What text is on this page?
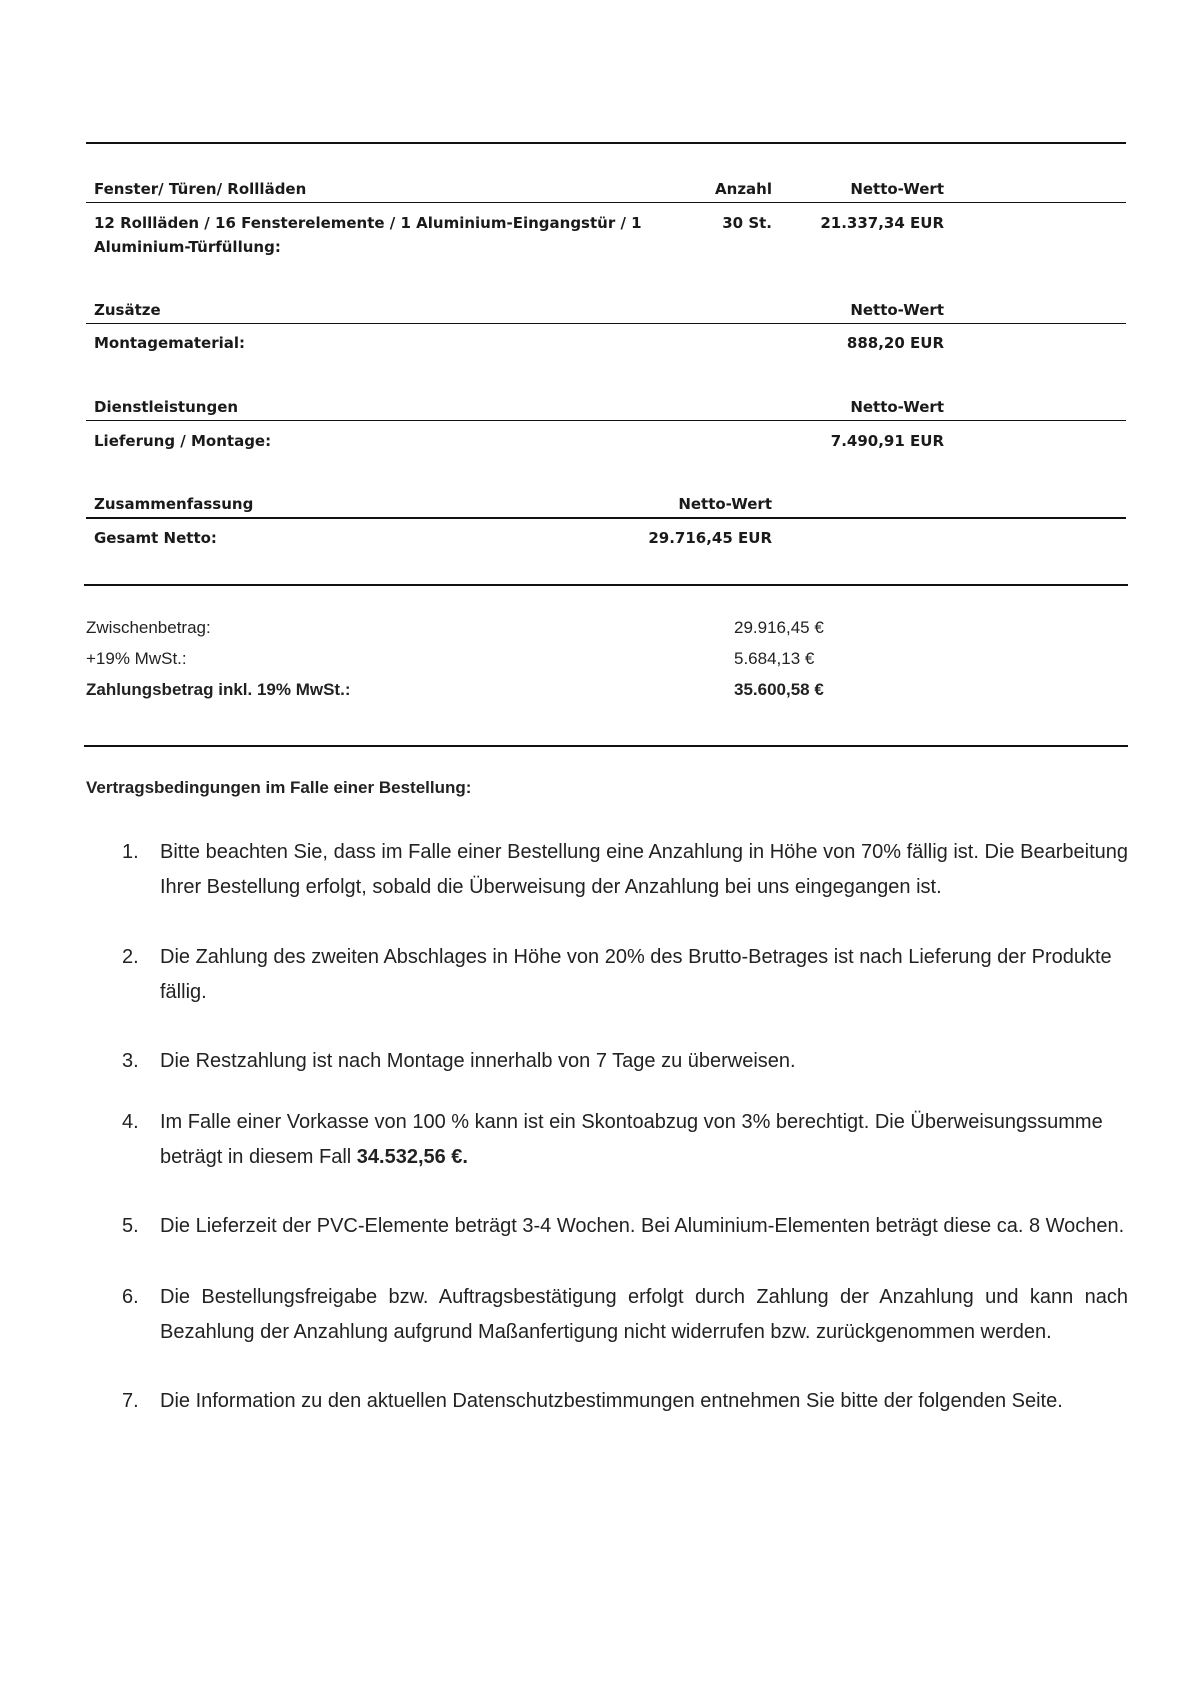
Fenster/ Türen/ Rollläden	Anzahl	Netto-Wert
12 Rollläden / 16 Fensterelemente / 1 Aluminium-Eingangstür / 1
Aluminium-Türfüllung:
30 St.	21.337,34 EUR
Zusätze	Netto-Wert
Montagematerial:	888,20 EUR
Dienstleistungen	Netto-Wert
Lieferung / Montage:	7.490,91 EUR
Zusammenfassung	Netto-Wert
Gesamt Netto:	29.716,45 EUR
Zwischenbetrag:	29.916,45 €
+19% MwSt.:	5.684,13 €
Zahlungsbetrag inkl. 19% MwSt.:	35.600,58 €
Vertragsbedingungen im Falle einer Bestellung:
1.	Bitte beachten Sie, dass im Falle einer Bestellung eine Anzahlung in Höhe von 70% fällig ist. Die Bearbeitung Ihrer Bestellung erfolgt, sobald die Überweisung der Anzahlung bei uns eingegangen ist.
2.	Die Zahlung des zweiten Abschlages in Höhe von 20% des Brutto-Betrages ist nach Lieferung der Produkte fällig.
3.	Die Restzahlung ist nach Montage innerhalb von 7 Tage zu überweisen.
4.	Im Falle einer Vorkasse von 100 % kann ist ein Skontoabzug von 3% berechtigt. Die Überweisungssumme beträgt in diesem Fall 34.532,56 €.
5.	Die Lieferzeit der PVC-Elemente beträgt 3-4 Wochen. Bei Aluminium-Elementen beträgt diese ca. 8 Wochen.
6.	Die Bestellungsfreigabe bzw. Auftragsbestätigung erfolgt durch Zahlung der Anzahlung und kann nach Bezahlung der Anzahlung aufgrund Maßanfertigung nicht widerrufen bzw. zurückgenommen werden.
7.	Die Information zu den aktuellen Datenschutzbestimmungen entnehmen Sie bitte der folgenden Seite.
